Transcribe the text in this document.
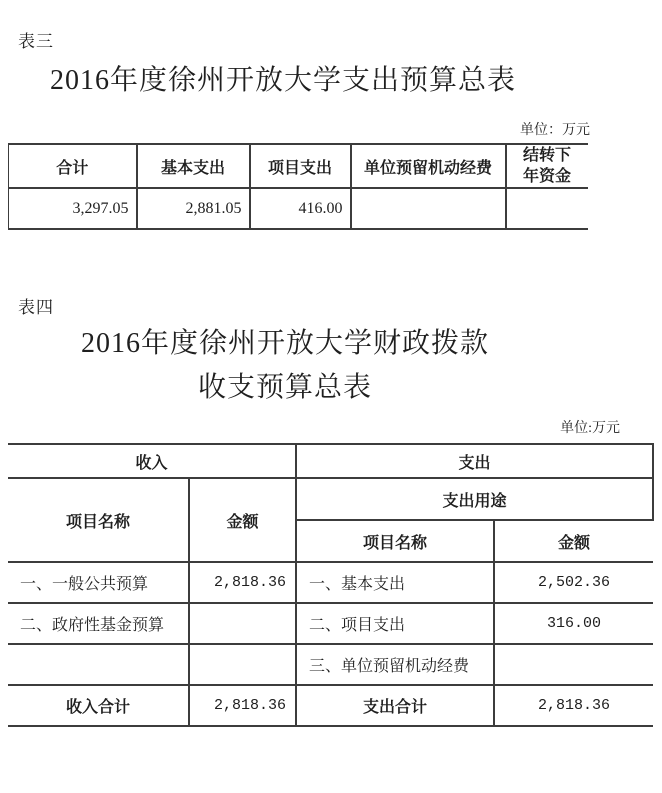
表三
2016年度徐州开放大学支出预算总表
单位：万元
合计	基本支出	项目支出	单位预留机动经费	结转下年资金
3,297.05	2,881.05	416.00		
表四
2016年度徐州开放大学财政拨款
收支预算总表
单位:万元
收入		支出	
项目名称	金额	支出用途	
		项目名称	金额
一、一般公共预算	2,818.36	一、基本支出	2,502.36
二、政府性基金预算		二、项目支出	316.00
		三、单位预留机动经费	
收入合计	2,818.36	支出合计	2,818.36
